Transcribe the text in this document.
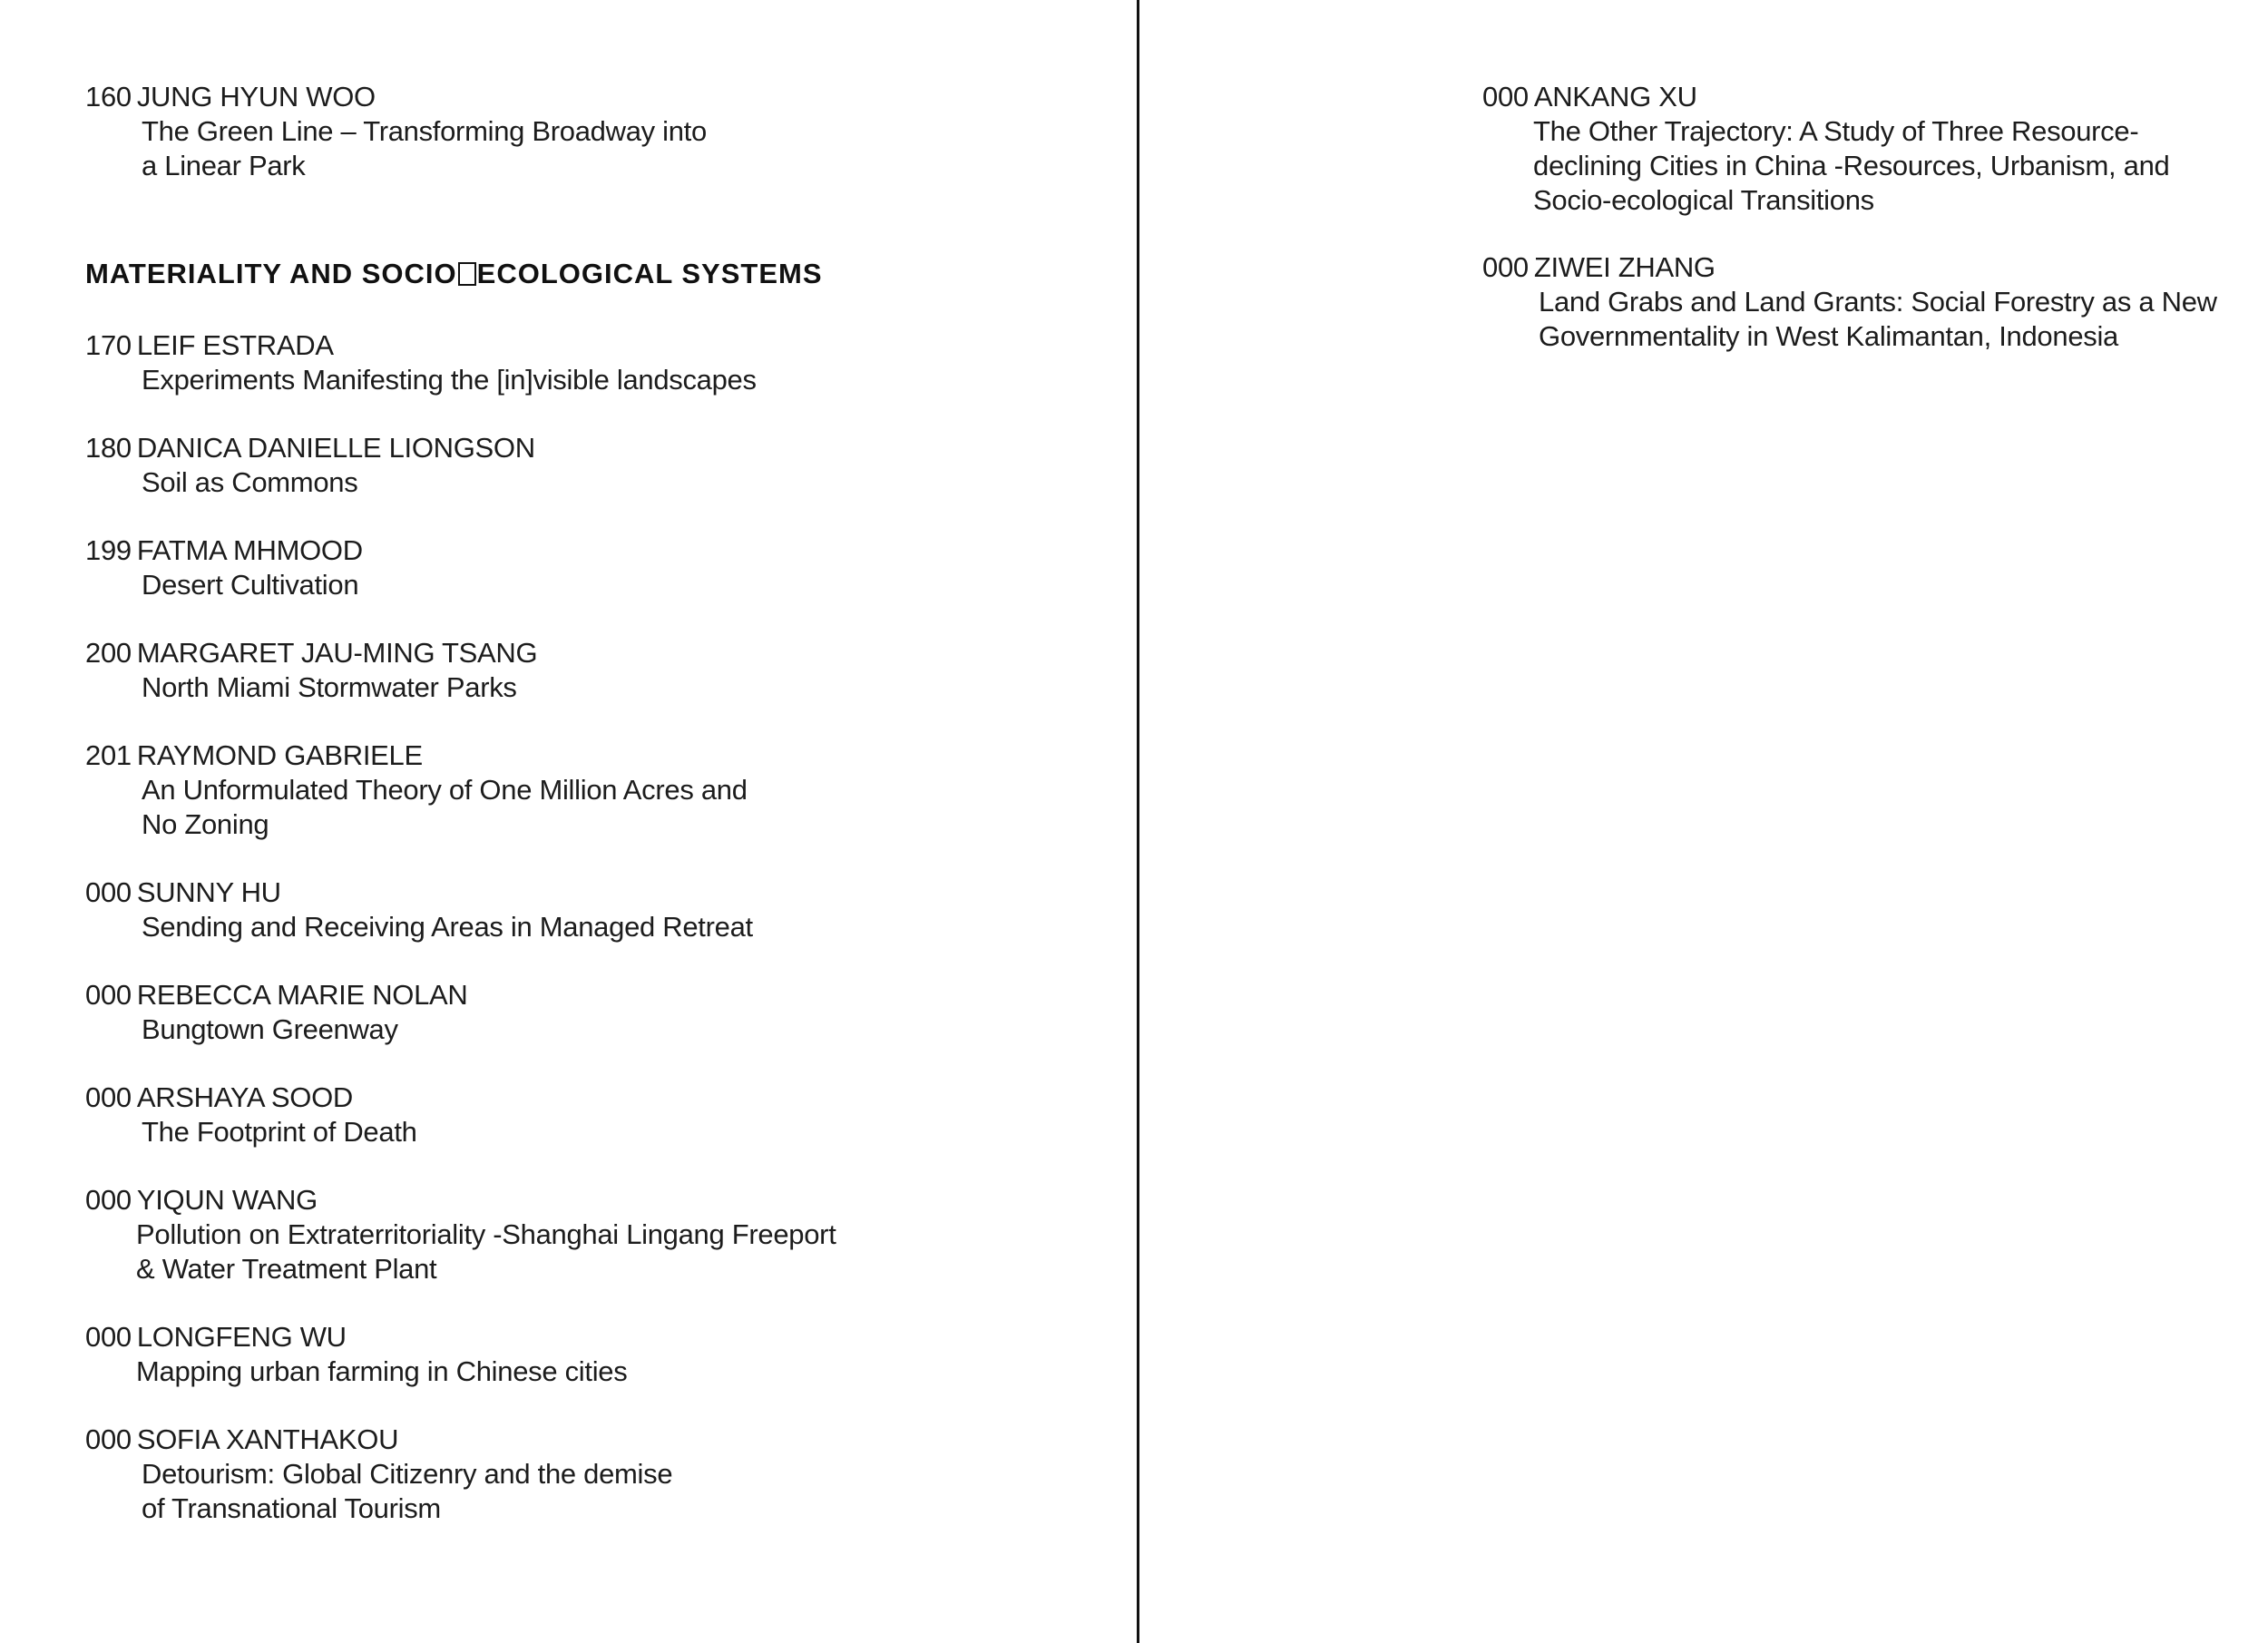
160 JUNG HYUN WOO
The Green Line – Transforming Broadway into
a Linear Park
MATERIALITY AND SOCIO ECOLOGICAL SYSTEMS
170 LEIF ESTRADA
Experiments Manifesting the [in]visible landscapes
180 DANICA DANIELLE LIONGSON
Soil as Commons
199 FATMA MHMOOD
Desert Cultivation
200 MARGARET JAU-MING TSANG
North Miami Stormwater Parks
201 RAYMOND GABRIELE
An Unformulated Theory of One Million Acres and
No Zoning
000 SUNNY HU
Sending and Receiving Areas in Managed Retreat
000 REBECCA MARIE NOLAN
Bungtown Greenway
000 ARSHAYA SOOD
The Footprint of Death
000 YIQUN WANG
Pollution on Extraterritoriality -Shanghai Lingang Freeport
& Water Treatment Plant
000 LONGFENG WU
Mapping urban farming in Chinese cities
000 SOFIA XANTHAKOU
Detourism: Global Citizenry and the demise
of Transnational Tourism
000 ANKANG XU
The Other Trajectory: A Study of Three Resource-
declining Cities in China -Resources, Urbanism, and
Socio-ecological Transitions
000 ZIWEI ZHANG
Land Grabs and Land Grants: Social Forestry as a New
Governmentality in West Kalimantan, Indonesia
